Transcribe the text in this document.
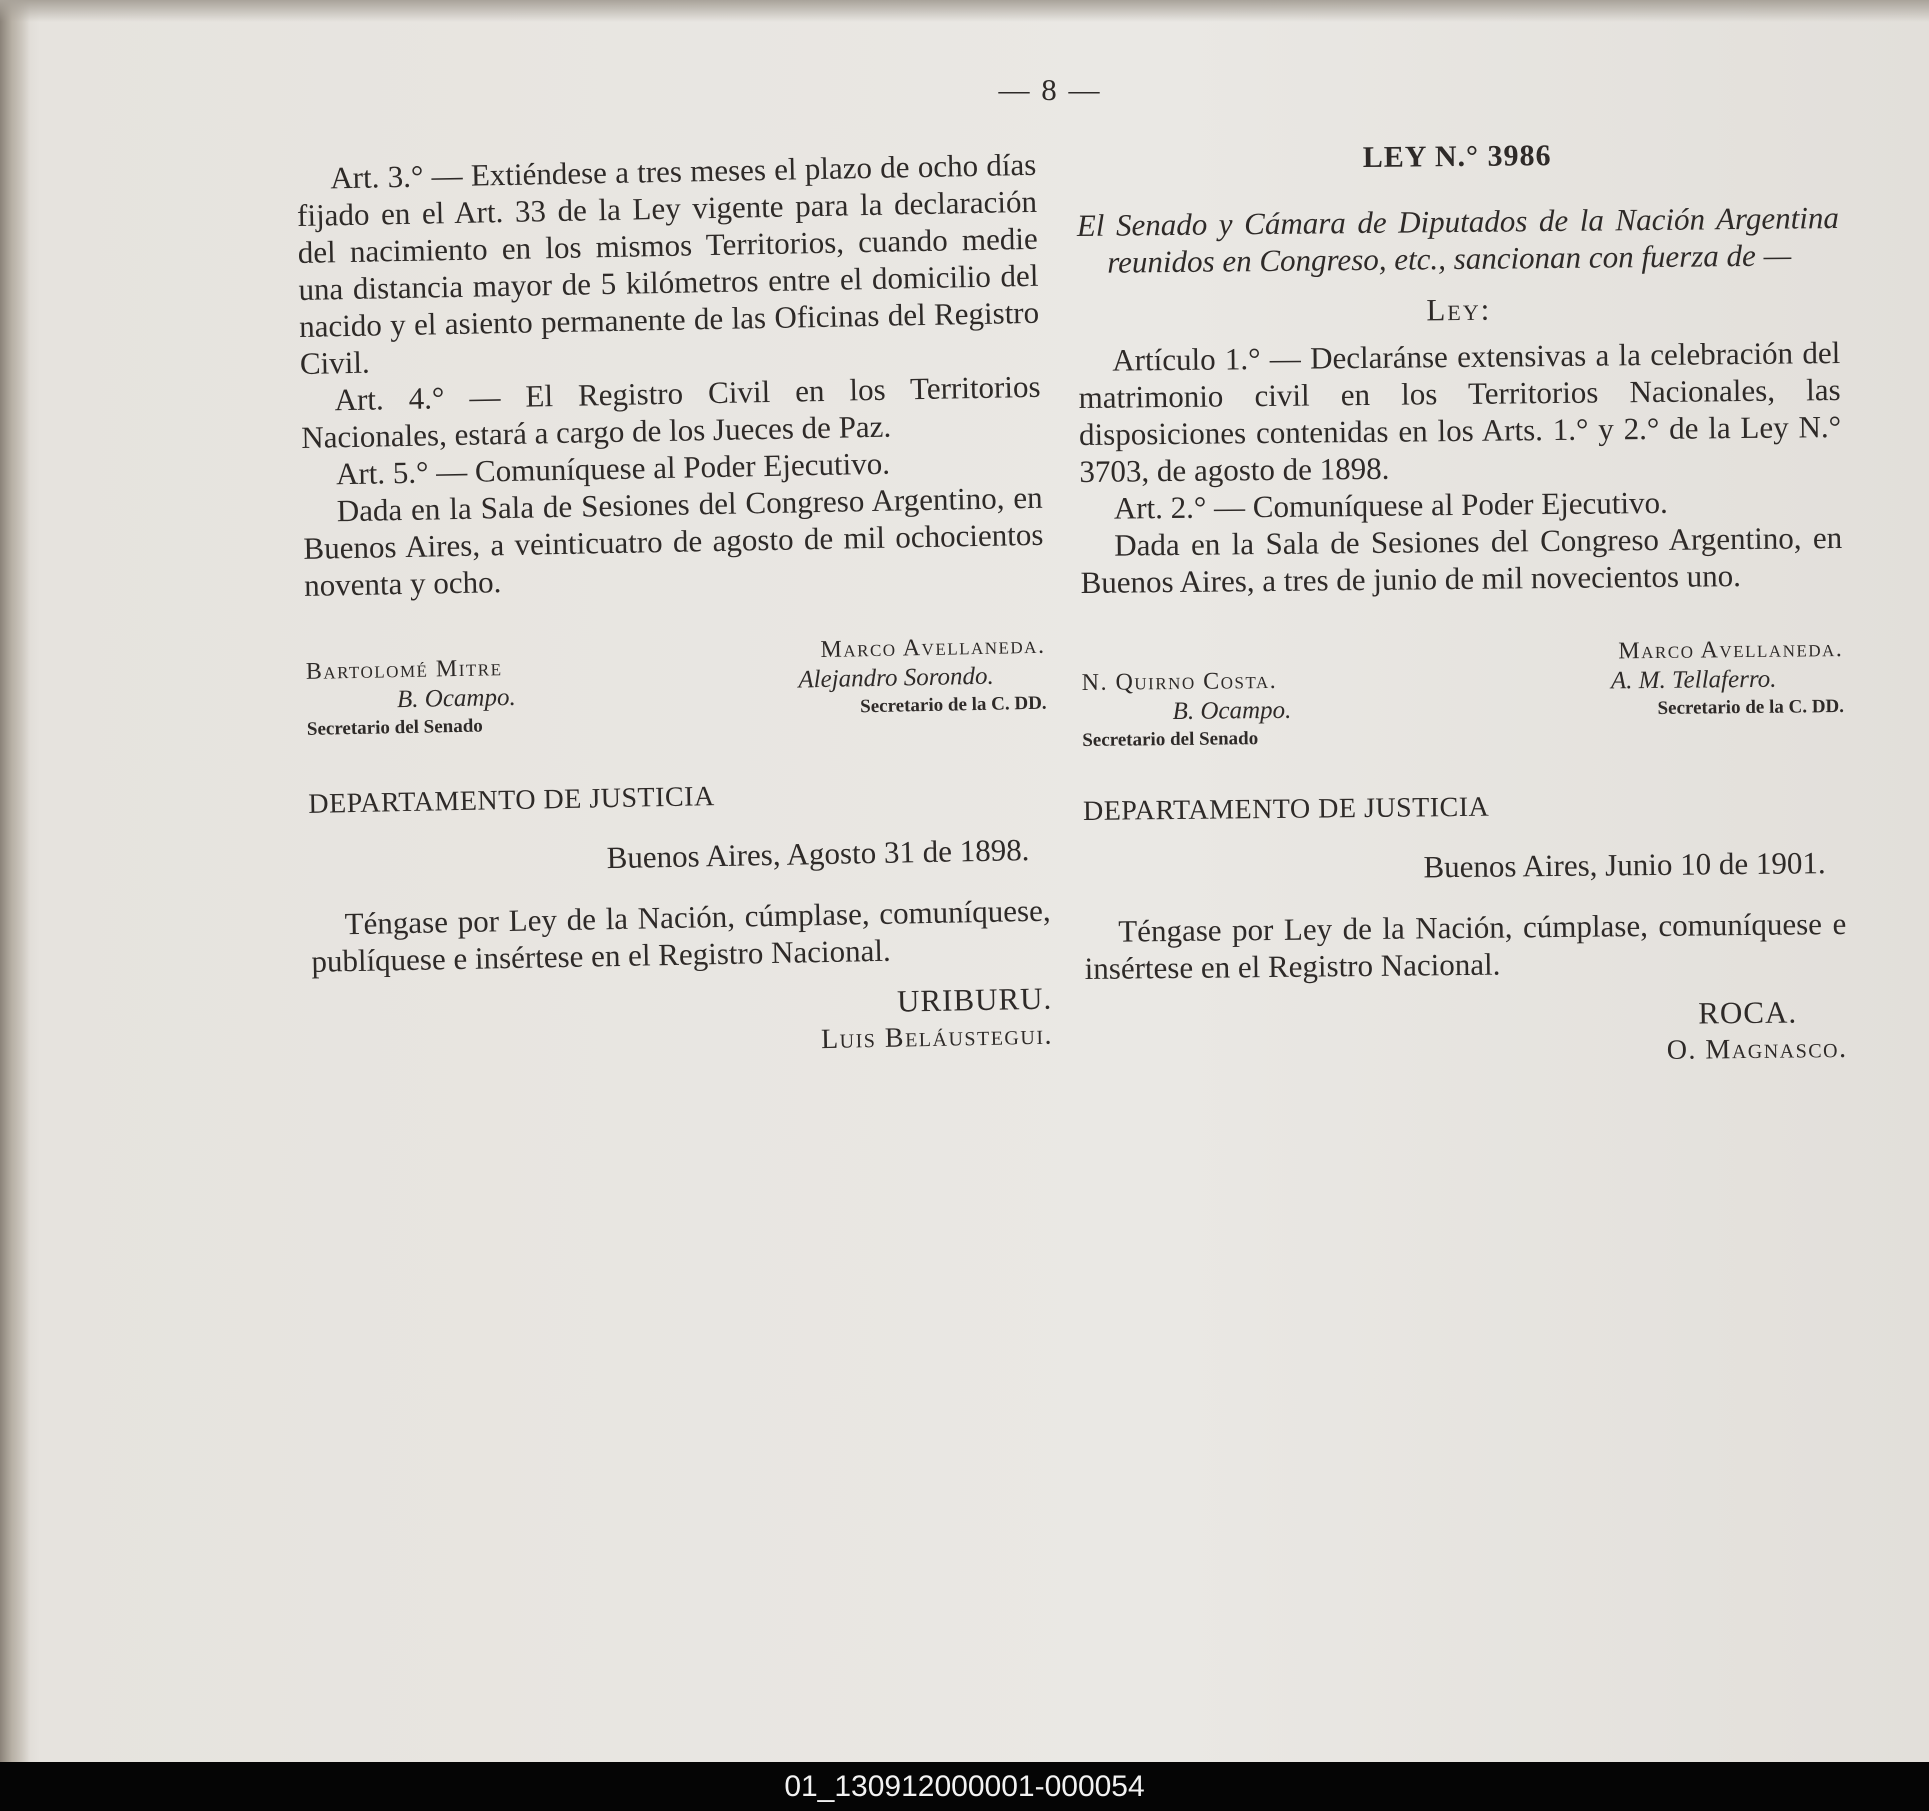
— 8 —

Art. 3.° — Extiéndese a tres meses el plazo de ocho días fijado en el Art. 33 de la Ley vigente para la declaración del nacimiento en los mismos Territorios, cuando medie una distancia mayor de 5 kilómetros entre el domicilio del nacido y el asiento permanente de las Oficinas del Registro Civil.

Art. 4.° — El Registro Civil en los Territorios Nacionales, estará a cargo de los Jueces de Paz.

Art. 5.° — Comuníquese al Poder Ejecutivo.

Dada en la Sala de Sesiones del Congreso Argentino, en Buenos Aires, a veinticuatro de agosto de mil ochocientos noventa y ocho.

Bartolomé Mitre
B. Ocampo.
Secretario del Senado
Marco Avellaneda.
Alejandro Sorondo.
Secretario de la C. DD.
DEPARTAMENTO DE JUSTICIA
Buenos Aires, Agosto 31 de 1898.

Téngase por Ley de la Nación, cúmplase, comuníquese, publíquese e insértese en el Registro Nacional.

URIBURU.
Luis Beláustegui.
LEY N.° 3986

El Senado y Cámara de Diputados de la Nación Argentina reunidos en Congreso, etc., sancionan con fuerza de —

Ley:

Artículo 1.° — Declaránse extensivas a la celebración del matrimonio civil en los Territorios Nacionales, las disposiciones contenidas en los Arts. 1.° y 2.° de la Ley N.° 3703, de agosto de 1898.

Art. 2.° — Comuníquese al Poder Ejecutivo.

Dada en la Sala de Sesiones del Congreso Argentino, en Buenos Aires, a tres de junio de mil novecientos uno.

N. Quirno Costa.
B. Ocampo.
Secretario del Senado
Marco Avellaneda.
A. M. Tellaferro.
Secretario de la C. DD.
DEPARTAMENTO DE JUSTICIA
Buenos Aires, Junio 10 de 1901.

Téngase por Ley de la Nación, cúmplase, comuníquese e insértese en el Registro Nacional.

ROCA.
O. Magnasco.
01_130912000001-000054
